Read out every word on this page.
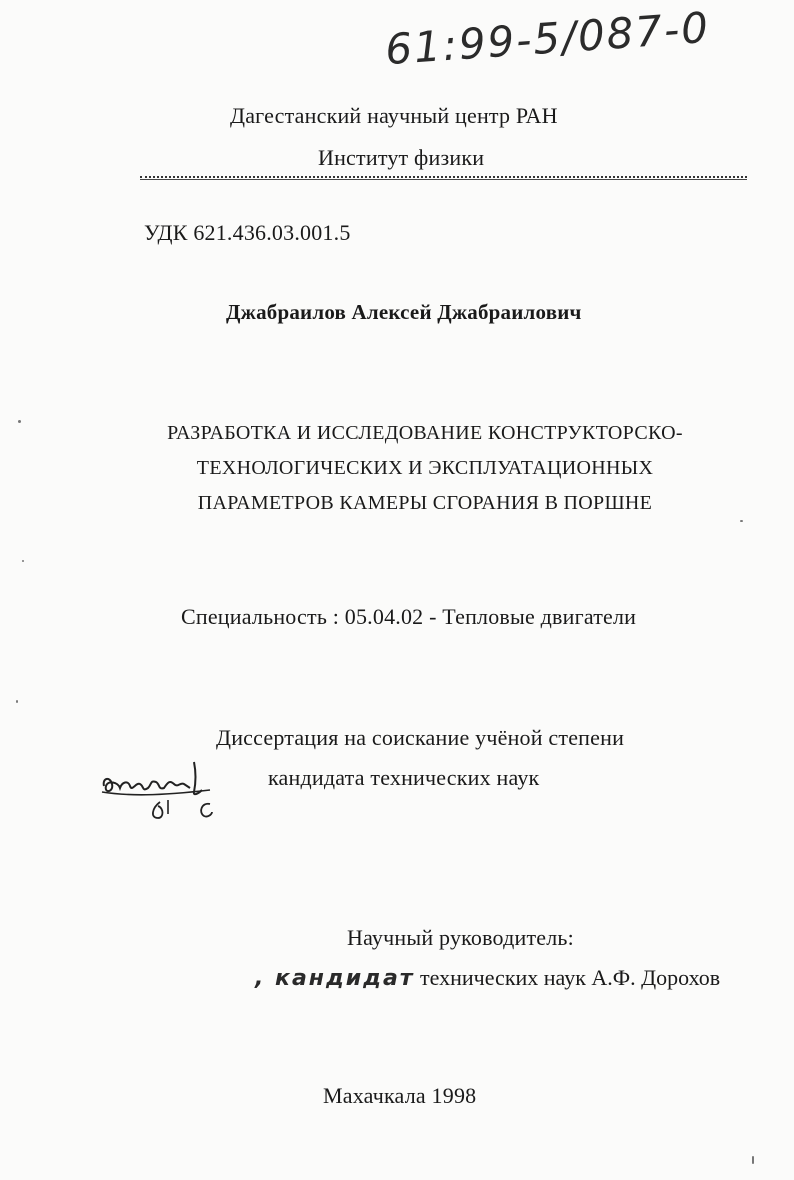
61:99-5/087-0
Дагестанский научный центр РАН
Институт физики
УДК 621.436.03.001.5
Джабраилов Алексей Джабраилович
РАЗРАБОТКА И ИССЛЕДОВАНИЕ КОНСТРУКТОРСКО-
ТЕХНОЛОГИЧЕСКИХ И ЭКСПЛУАТАЦИОННЫХ
ПАРАМЕТРОВ КАМЕРЫ СГОРАНИЯ В ПОРШНЕ
Специальность : 05.04.02 - Тепловые двигатели
Диссертация на соискание учёной степени
кандидата технических наук
Научный руководитель:
, кандидат технических наук А.Ф. Дорохов
Махачкала 1998
